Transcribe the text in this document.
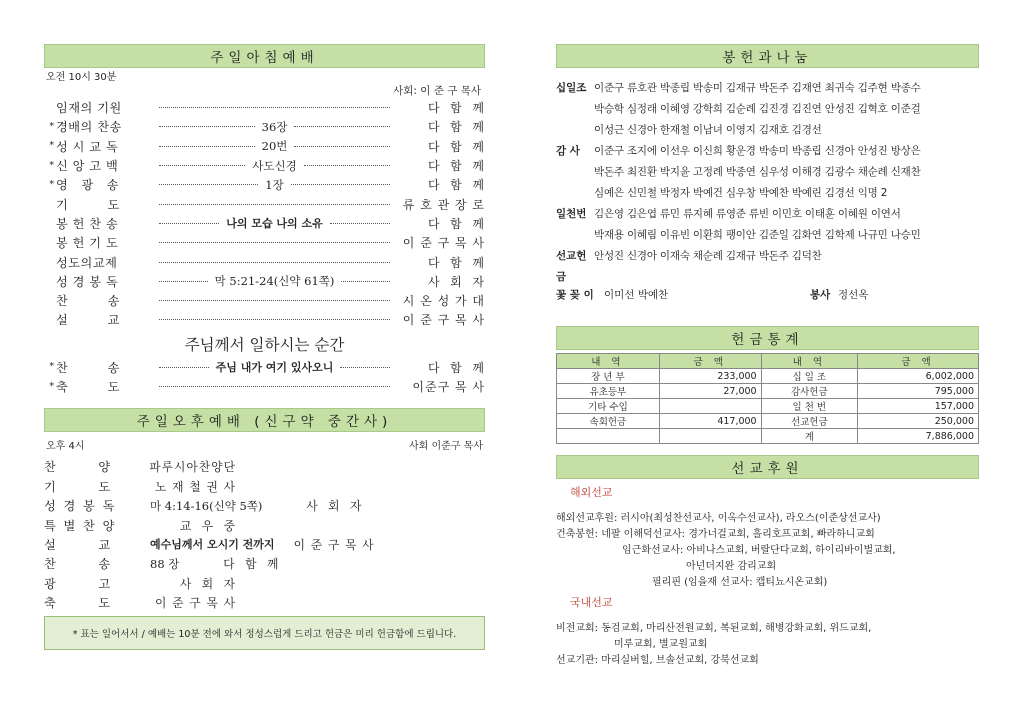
주일아침예배
오전 10시 30분
사회: 이 준 구 목사
임재의 기원	다  함  께
* 경배의 찬송	36장	다  함  께
* 성 시 교 독	20번	다  함  께
* 신 앙 고 백	사도신경	다  함  께
* 영   광   송	1장	다  함  께
기         도	류 호 관 장 로
봉 헌 찬 송	나의 모습 나의 소유	다  함  께
봉 헌 기 도	이 준 구 목 사
성도의교제	다  함  께
성 경 봉 독	막 5:21-24(신약 61쪽)	사  회  자
찬         송	시 온 성 가 대
설         교	이 준 구 목 사
주님께서 일하시는 순간
* 찬         송	주님 내가 여기 있사오니	다  함  께
* 축         도	이준구 목 사
주일오후예배 (신구약 중간사)
오후 4시	사회 이준구 목사
찬           양	파루시아찬양단
기           도	노 재 철 권 사
성  경  봉  독	마 4:14-16(신약 5쪽)	사  회  자
특  별  찬  양	교  우  중
설           교	예수님께서 오시기 전까지	이 준 구 목 사
찬           송	88 장	다  함  께
광           고	사  회  자
축           도	이 준 구 목 사
* 표는 일어서서 / 예배는 10분 전에 와서 정성스럽게 드리고 헌금은 미리 헌금함에 드립니다.
봉헌과나눔
십일조 이준구 류호관 박종립 박송미 김재규 박돈주 김재연 최귀숙 김주현 박종수
박승학 심정래 이혜영 강학희 김순례 김진경 김진연 안성진 김혁호 이준걸
이성근 신경아 한재철 이남녀 이영지 김재호 김경선
감 사	이준구 조지에 이선우 이신희 황운경 박송미 박종립 신경아 안성진 방상은
박돈주 최진환 박지윤 고정례 박종연 심우성 이해경 김광수 채순례 신재찬
심예은 신민철 박정자 박예건 심우창 박예찬 박예린 김경선 익명 2
일천번 김은영 김은엽 류민 류지혜 류영준 류빈 이민호 이태훈 이혜원 이연서
박재용 이혜림 이유빈 이환희 팽이안 김준일 김화연 김학제 나규민 나승민
선교헌금
안성진 신경아 이재숙 채순례 김재규 박돈주 김덕찬
꽃 꽂 이 이미선 박예찬	봉사 정선옥
헌금통계
내 역	금 액	내 역	금 액
장 년 부	233,000	십 일 조	6,002,000
유초등부	27,000	감사헌금	795,000
기타 수입		일 천 번	157,000
속회헌금	417,000	선교헌금	250,000
		계	7,886,000
선교후원
해외선교
해외선교후원: 러시아(최성찬선교사, 이옥수선교사), 라오스(이준상선교사)
건축봉헌: 네팔 이해덕선교사: 경가너걸교회, 흘리호프교회, 빠라하니교회
임근화선교사: 아비나스교회, 버랄단다교회, 하이리바이벌교회,
아넌더지완 감리교회
필리핀 (임을재 선교사: 캡티뇨시온교회)
국내선교
비전교회: 동검교회, 마리산전원교회, 복된교회, 해병강화교회, 위드교회,
미루교회, 별교원교회
선교기관: 마리실버힐, 브솔선교회, 강북선교회
